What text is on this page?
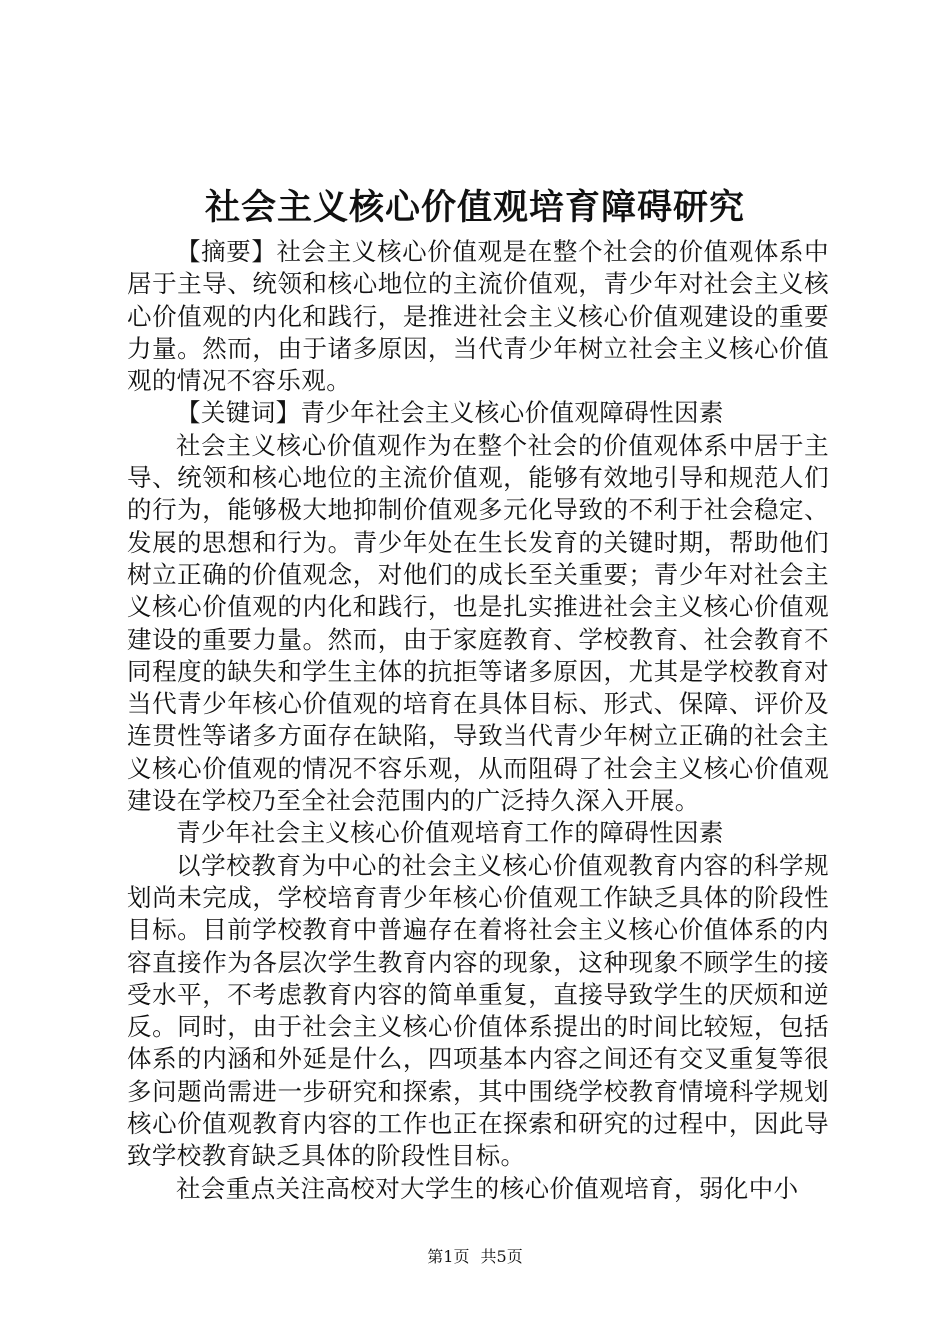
社会主义核心价值观培育障碍研究

【摘要】社会主义核心价值观是在整个社会的价值观体系中居于主导、统领和核心地位的主流价值观，青少年对社会主义核心价值观的内化和践行，是推进社会主义核心价值观建设的重要力量。然而，由于诸多原因，当代青少年树立社会主义核心价值观的情况不容乐观。

【关键词】青少年社会主义核心价值观障碍性因素

社会主义核心价值观作为在整个社会的价值观体系中居于主导、统领和核心地位的主流价值观，能够有效地引导和规范人们的行为，能够极大地抑制价值观多元化导致的不利于社会稳定、发展的思想和行为。青少年处在生长发育的关键时期，帮助他们树立正确的价值观念，对他们的成长至关重要；青少年对社会主义核心价值观的内化和践行，也是扎实推进社会主义核心价值观建设的重要力量。然而，由于家庭教育、学校教育、社会教育不同程度的缺失和学生主体的抗拒等诸多原因，尤其是学校教育对当代青少年核心价值观的培育在具体目标、形式、保障、评价及连贯性等诸多方面存在缺陷，导致当代青少年树立正确的社会主义核心价值观的情况不容乐观，从而阻碍了社会主义核心价值观建设在学校乃至全社会范围内的广泛持久深入开展。

青少年社会主义核心价值观培育工作的障碍性因素

以学校教育为中心的社会主义核心价值观教育内容的科学规划尚未完成，学校培育青少年核心价值观工作缺乏具体的阶段性目标。目前学校教育中普遍存在着将社会主义核心价值体系的内容直接作为各层次学生教育内容的现象，这种现象不顾学生的接受水平，不考虑教育内容的简单重复，直接导致学生的厌烦和逆反。同时，由于社会主义核心价值体系提出的时间比较短，包括体系的内涵和外延是什么，四项基本内容之间还有交叉重复等很多问题尚需进一步研究和探索，其中围绕学校教育情境科学规划核心价值观教育内容的工作也正在探索和研究的过程中，因此导致学校教育缺乏具体的阶段性目标。

社会重点关注高校对大学生的核心价值观培育，弱化中小

第1页 共5页
